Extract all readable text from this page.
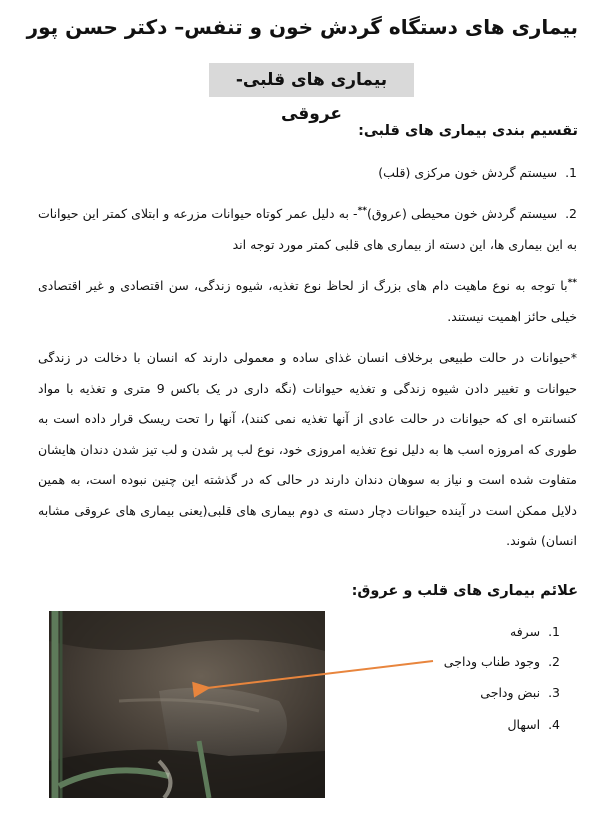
بیماری های دستگاه گردش خون و تنفس– دکتر حسن پور
بیماری های قلبی- عروقی
تقسیم بندی بیماری های قلبی:
1.سیستم گردش خون مرکزی (قلب)
2.سیستم گردش خون محیطی (عروق)**- به دلیل عمر کوتاه حیوانات مزرعه و ابتلای کمتر این حیوانات به این بیماری ها، این دسته از بیماری های قلبی کمتر مورد توجه اند
**با توجه به نوع ماهیت دام های بزرگ از لحاظ نوع تغذیه، شیوه زندگی، سن اقتصادی و غیر اقتصادی خیلی حائز اهمیت نیستند.
*حیوانات در حالت طبیعی برخلاف انسان غذای ساده و معمولی دارند که انسان با دخالت در زندگی حیوانات و تغییر دادن شیوه زندگی و تغذیه حیوانات (نگه داری در یک باکس 9 متری و تغذیه با مواد کنسانتره ای که حیوانات در حالت عادی از آنها تغذیه نمی کنند)، آنها را تحت ریسک قرار داده است به طوری که امروزه اسب ها به دلیل نوع تغذیه امروزی خود، نوع لب پر شدن و لب تیز شدن دندان هایشان متفاوت شده است و نیاز به سوهان دندان دارند در حالی که در گذشته این چنین نبوده است، به همین دلایل ممکن است در آینده حیوانات دچار دسته ی دوم بیماری های قلبی(یعنی بیماری های عروقی مشابه انسان) شوند.
علائم بیماری های قلب و عروق:
1.سرفه
2.وجود طناب وداجی
3.نبض وداجی
4.اسهال
